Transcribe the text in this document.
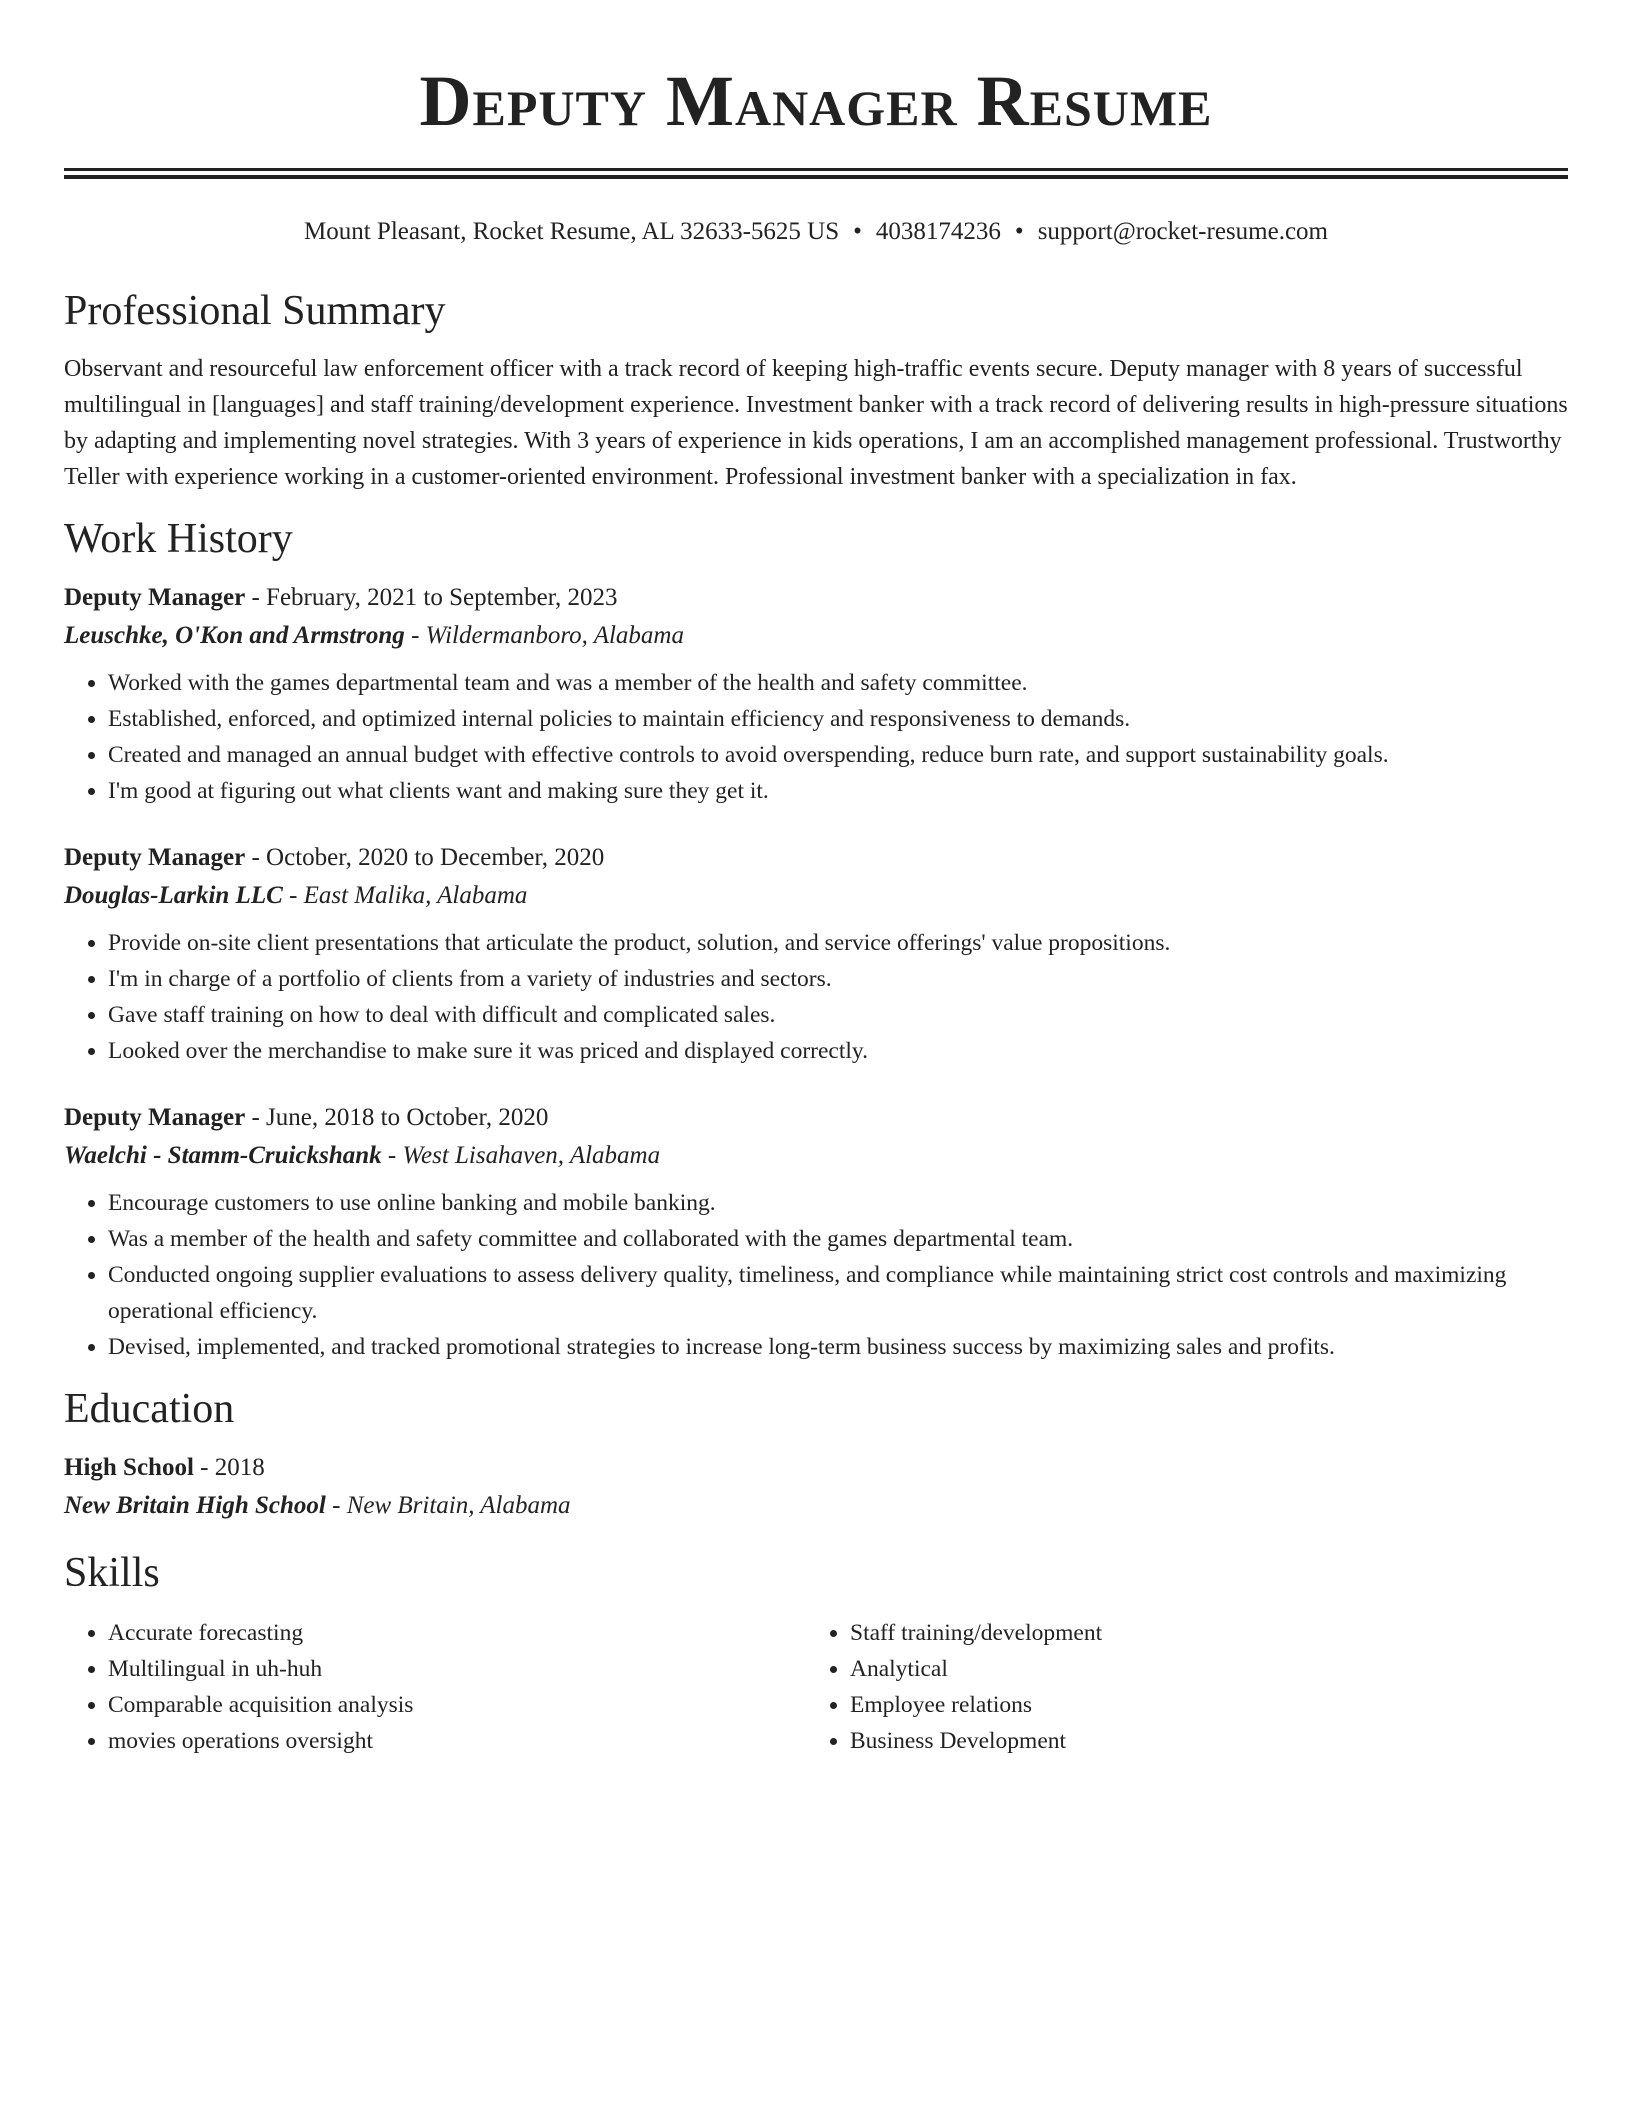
Deputy Manager Resume
Mount Pleasant, Rocket Resume, AL 32633-5625 US • 4038174236 • support@rocket-resume.com
Professional Summary

Observant and resourceful law enforcement officer with a track record of keeping high-traffic events secure. Deputy manager with 8 years of successful multilingual in [languages] and staff training/development experience. Investment banker with a track record of delivering results in high-pressure situations by adapting and implementing novel strategies. With 3 years of experience in kids operations, I am an accomplished management professional. Trustworthy Teller with experience working in a customer-oriented environment. Professional investment banker with a specialization in fax.

Work History
Deputy Manager - February, 2021 to September, 2023
Leuschke, O'Kon and Armstrong - Wildermanboro, Alabama
• Worked with the games departmental team and was a member of the health and safety committee.
• Established, enforced, and optimized internal policies to maintain efficiency and responsiveness to demands.
• Created and managed an annual budget with effective controls to avoid overspending, reduce burn rate, and support sustainability goals.
• I'm good at figuring out what clients want and making sure they get it.
Deputy Manager - October, 2020 to December, 2020
Douglas-Larkin LLC - East Malika, Alabama
• Provide on-site client presentations that articulate the product, solution, and service offerings' value propositions.
• I'm in charge of a portfolio of clients from a variety of industries and sectors.
• Gave staff training on how to deal with difficult and complicated sales.
• Looked over the merchandise to make sure it was priced and displayed correctly.
Deputy Manager - June, 2018 to October, 2020
Waelchi - Stamm-Cruickshank - West Lisahaven, Alabama
• Encourage customers to use online banking and mobile banking.
• Was a member of the health and safety committee and collaborated with the games departmental team.
• Conducted ongoing supplier evaluations to assess delivery quality, timeliness, and compliance while maintaining strict cost controls and maximizing operational efficiency.
• Devised, implemented, and tracked promotional strategies to increase long-term business success by maximizing sales and profits.
Education
High School - 2018
New Britain High School - New Britain, Alabama
Skills
• Accurate forecasting
• Multilingual in uh-huh
• Comparable acquisition analysis
• movies operations oversight
• Staff training/development
• Analytical
• Employee relations
• Business Development
